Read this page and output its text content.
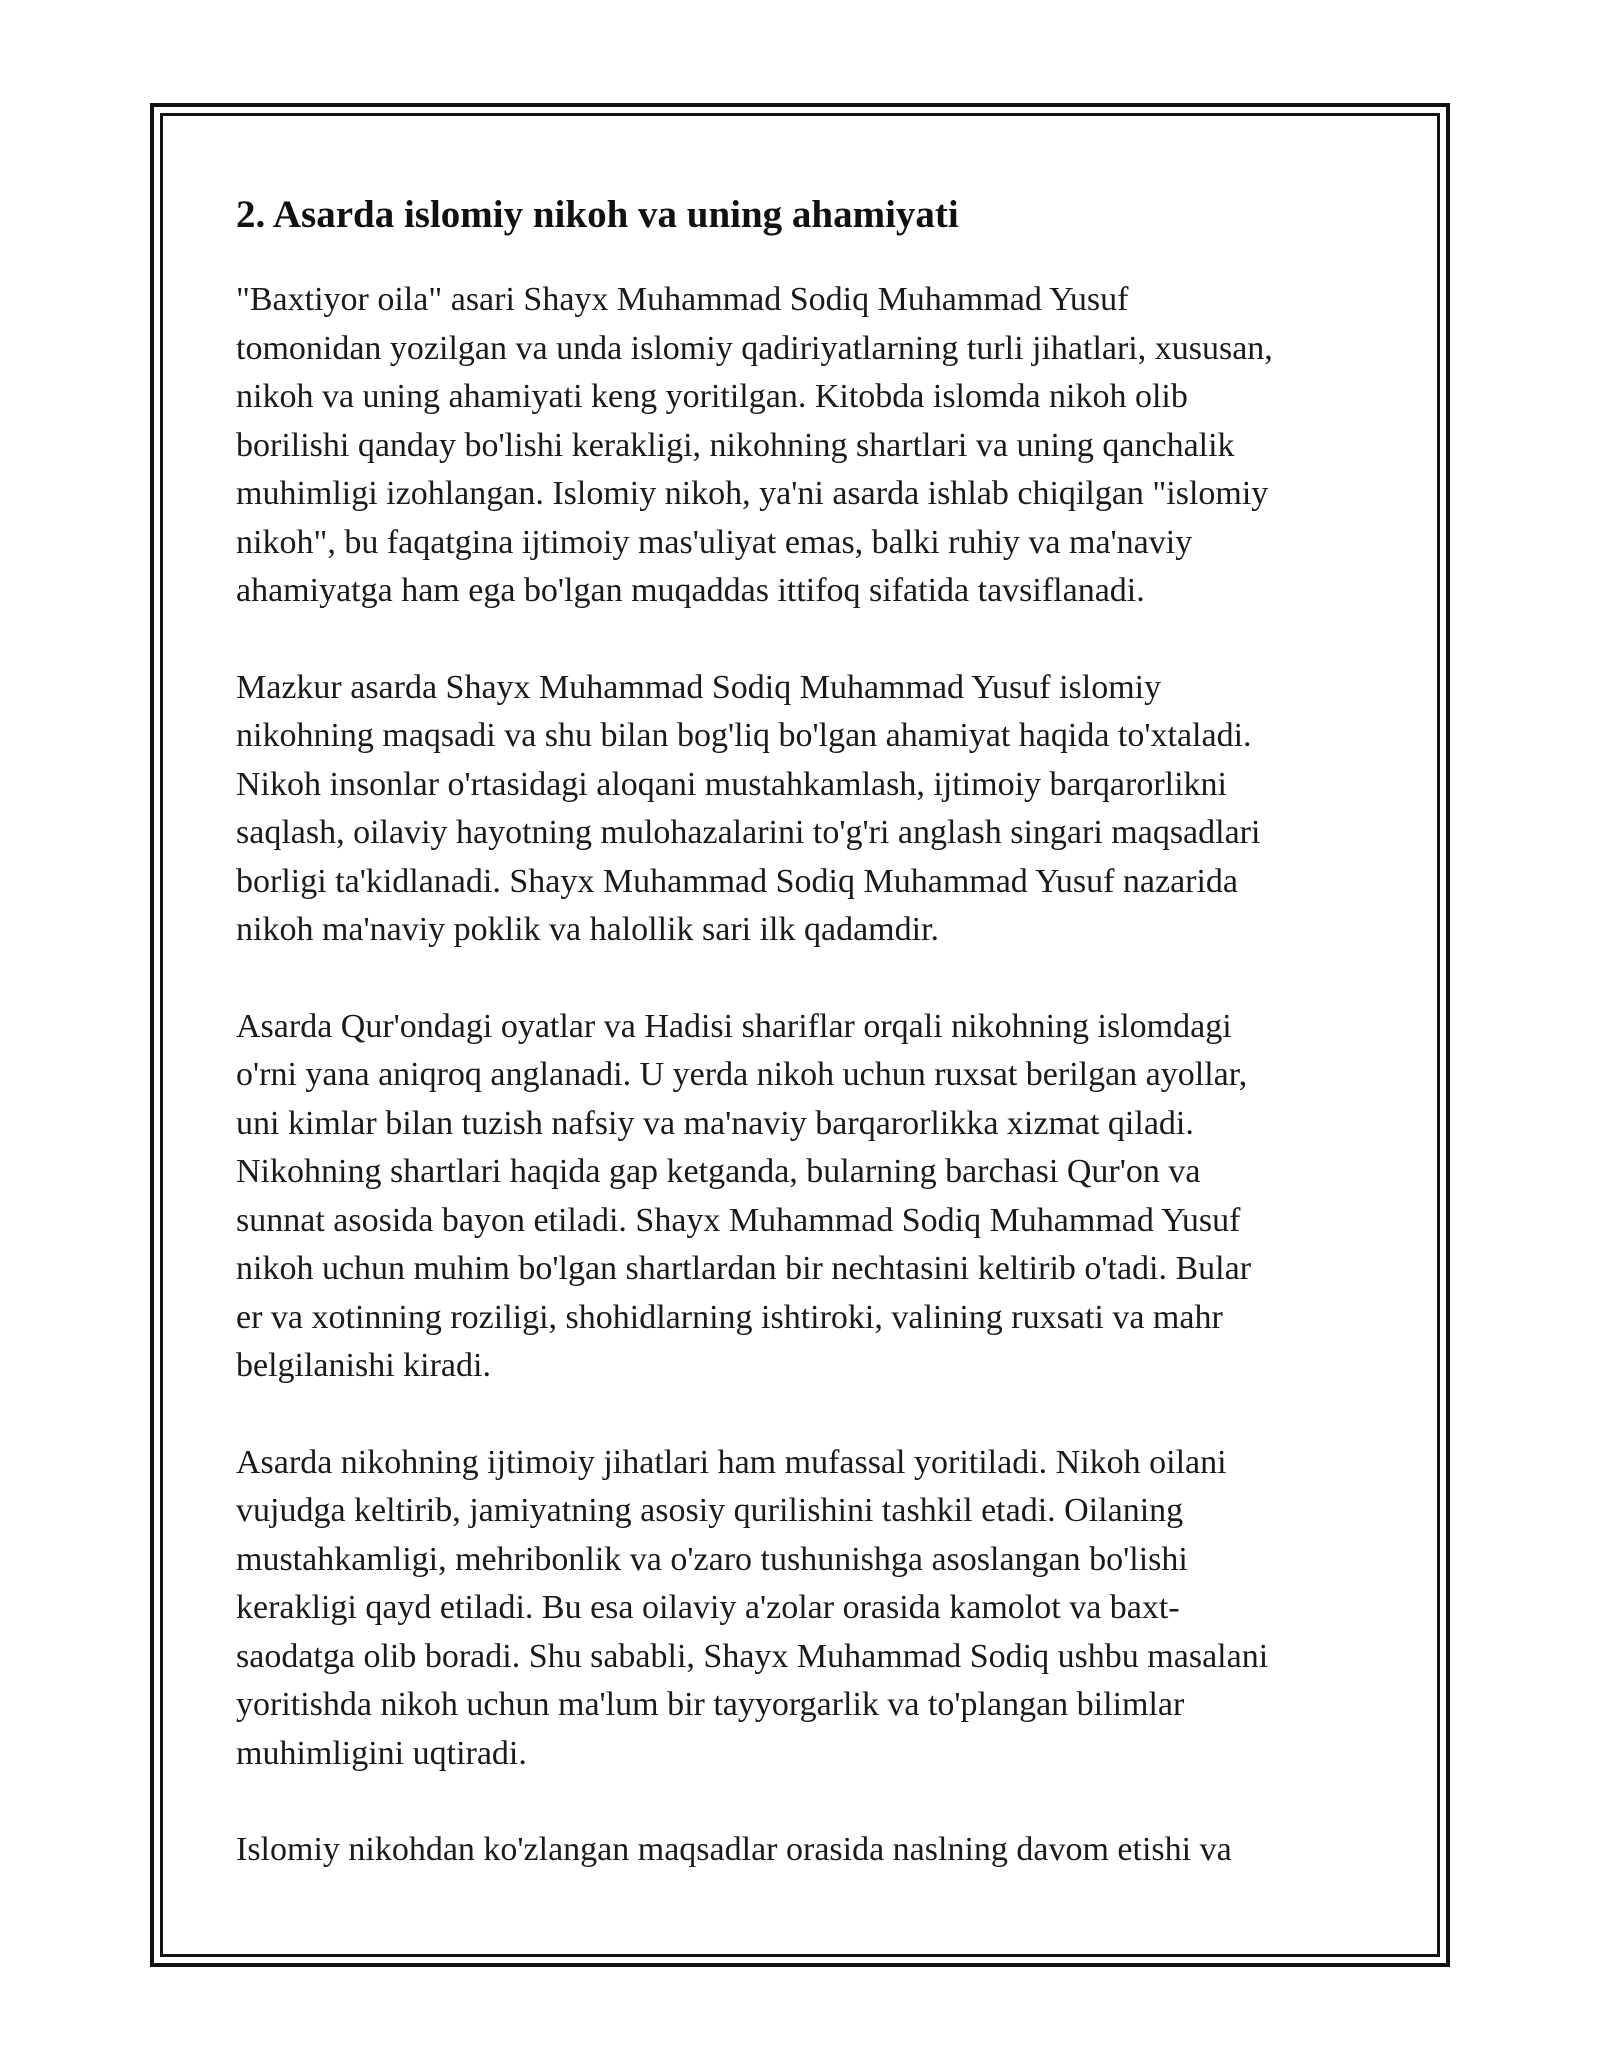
2. Asarda islomiy nikoh va uning ahamiyati

"Baxtiyor oila" asari Shayx Muhammad Sodiq Muhammad Yusuf
tomonidan yozilgan va unda islomiy qadiriyatlarning turli jihatlari, xususan,
nikoh va uning ahamiyati keng yoritilgan. Kitobda islomda nikoh olib
borilishi qanday bo'lishi kerakligi, nikohning shartlari va uning qanchalik
muhimligi izohlangan. Islomiy nikoh, ya'ni asarda ishlab chiqilgan "islomiy
nikoh", bu faqatgina ijtimoiy mas'uliyat emas, balki ruhiy va ma'naviy
ahamiyatga ham ega bo'lgan muqaddas ittifoq sifatida tavsiflanadi.

Mazkur asarda Shayx Muhammad Sodiq Muhammad Yusuf islomiy
nikohning maqsadi va shu bilan bog'liq bo'lgan ahamiyat haqida to'xtaladi.
Nikoh insonlar o'rtasidagi aloqani mustahkamlash, ijtimoiy barqarorlikni
saqlash, oilaviy hayotning mulohazalarini to'g'ri anglash singari maqsadlari
borligi ta'kidlanadi. Shayx Muhammad Sodiq Muhammad Yusuf nazarida
nikoh ma'naviy poklik va halollik sari ilk qadamdir.

Asarda Qur'ondagi oyatlar va Hadisi shariflar orqali nikohning islomdagi
o'rni yana aniqroq anglanadi. U yerda nikoh uchun ruxsat berilgan ayollar,
uni kimlar bilan tuzish nafsiy va ma'naviy barqarorlikka xizmat qiladi.
Nikohning shartlari haqida gap ketganda, bularning barchasi Qur'on va
sunnat asosida bayon etiladi. Shayx Muhammad Sodiq Muhammad Yusuf
nikoh uchun muhim bo'lgan shartlardan bir nechtasini keltirib o'tadi. Bular
er va xotinning roziligi, shohidlarning ishtiroki, valining ruxsati va mahr
belgilanishi kiradi.

Asarda nikohning ijtimoiy jihatlari ham mufassal yoritiladi. Nikoh oilani
vujudga keltirib, jamiyatning asosiy qurilishini tashkil etadi. Oilaning
mustahkamligi, mehribonlik va o'zaro tushunishga asoslangan bo'lishi
kerakligi qayd etiladi. Bu esa oilaviy a'zolar orasida kamolot va baxt-
saodatga olib boradi. Shu sababli, Shayx Muhammad Sodiq ushbu masalani
yoritishda nikoh uchun ma'lum bir tayyorgarlik va to'plangan bilimlar
muhimligini uqtiradi.

Islomiy nikohdan ko'zlangan maqsadlar orasida naslning davom etishi va
